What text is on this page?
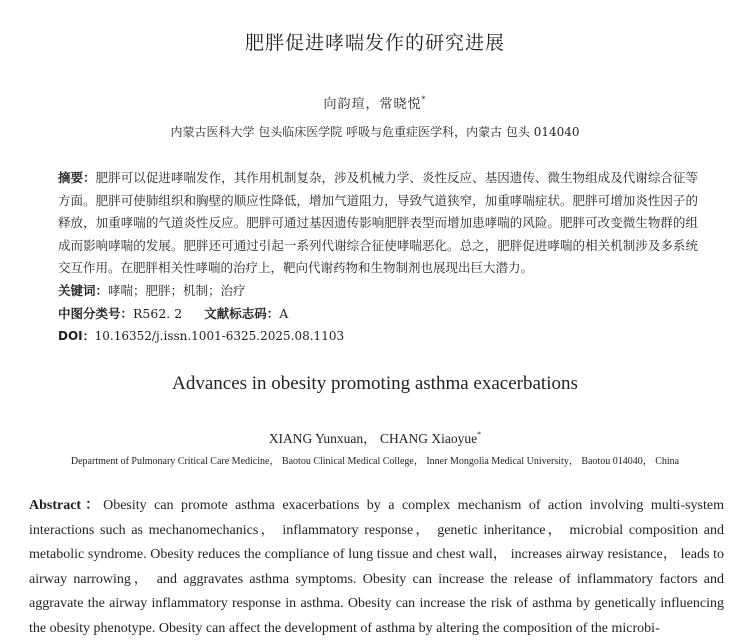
肥胖促进哮喘发作的研究进展
向韵瑄，常晓悦*
内蒙古医科大学 包头临床医学院 呼吸与危重症医学科，内蒙古 包头 014040
摘要：肥胖可以促进哮喘发作，其作用机制复杂，涉及机械力学、炎性反应、基因遗传、微生物组成及代谢综合征等方面。肥胖可使肺组织和胸壁的顺应性降低，增加气道阻力，导致气道狭窄，加重哮喘症状。肥胖可增加炎性因子的释放，加重哮喘的气道炎性反应。肥胖可通过基因遗传影响肥胖表型而增加患哮喘的风险。肥胖可改变微生物群的组成而影响哮喘的发展。肥胖还可通过引起一系列代谢综合征使哮喘恶化。总之，肥胖促进哮喘的相关机制涉及多系统交互作用。在肥胖相关性哮喘的治疗上，靶向代谢药物和生物制剂也展现出巨大潜力。
关键词：哮喘；肥胖；机制；治疗
中图分类号：R562. 2 文献标志码：A
DOI：10.16352/j.issn.1001-6325.2025.08.1103
Advances in obesity promoting asthma exacerbations
XIANG Yunxuan， CHANG Xiaoyue*
Department of Pulmonary Critical Care Medicine， Baotou Clinical Medical College， Inner Mongolia Medical University， Baotou 014040， China
Abstract：Obesity can promote asthma exacerbations by a complex mechanism of action involving multi-system interactions such as mechanomechanics， inflammatory response， genetic inheritance， microbial composition and metabolic syndrome. Obesity reduces the compliance of lung tissue and chest wall， increases airway resistance， leads to airway narrowing， and aggravates asthma symptoms. Obesity can increase the release of inflammatory factors and aggravate the airway inflammatory response in asthma. Obesity can increase the risk of asthma by genetically influencing the obesity phenotype. Obesity can affect the development of asthma by altering the composition of the microbi-
